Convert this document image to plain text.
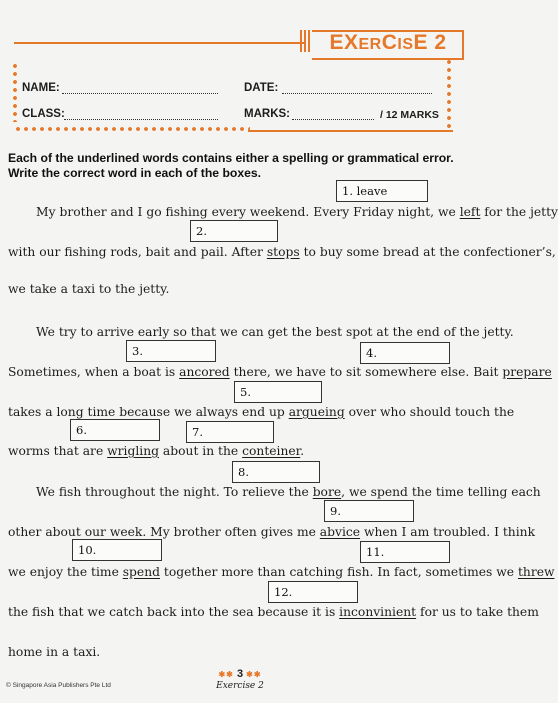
EXERCISE 2
NAME:	DATE:
CLASS:	MARKS:	/ 12 MARKS
Each of the underlined words contains either a spelling or grammatical error.
Write the correct word in each of the boxes.
1. leave
2.
3.	4.
5.
6.	7.
8.
9.
10.	11.
12.
My brother and I go fishing every weekend. Every Friday night, we left for the jetty
with our fishing rods, bait and pail. After stops to buy some bread at the confectioner’s,
we take a taxi to the jetty.
We try to arrive early so that we can get the best spot at the end of the jetty.
Sometimes, when a boat is ancored there, we have to sit somewhere else. Bait prepare
takes a long time because we always end up argueing over who should touch the
worms that are wrigling about in the conteiner.
We fish throughout the night. To relieve the bore, we spend the time telling each
other about our week. My brother often gives me abvice when I am troubled. I think
we enjoy the time spend together more than catching fish. In fact, sometimes we threw
the fish that we catch back into the sea because it is inconvinient for us to take them
home in a taxi.
✱✱ 3 ✱✱
Exercise 2
© Singapore Asia Publishers Pte Ltd
